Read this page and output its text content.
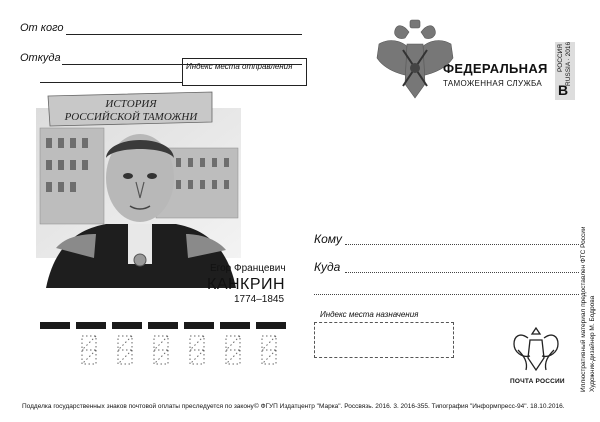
От кого
Откуда
Индекс места отправления	ФЕДЕРАЛЬНАЯ
ТАМОЖЕННАЯ СЛУЖБА
РОССИЯ RUSSIA · 2016
В
ИСТОРИЯ
РОССИЙСКОЙ ТАМОЖНИ
Егор Францевич
КАНКРИН
1774–1845
Кому
Куда
Индекс места назначения
ПОЧТА РОССИИ Иллюстративный материал предоставлен ФТС России Художник-дизайнер М. Бодрова
Подделка государственных знаков почтовой оплаты преследуется по закону © ФГУП Издатцентр "Марка". Россвязь. 2016. 3. 2016-355. Типография "Информпресс-94". 18.10.2016.
